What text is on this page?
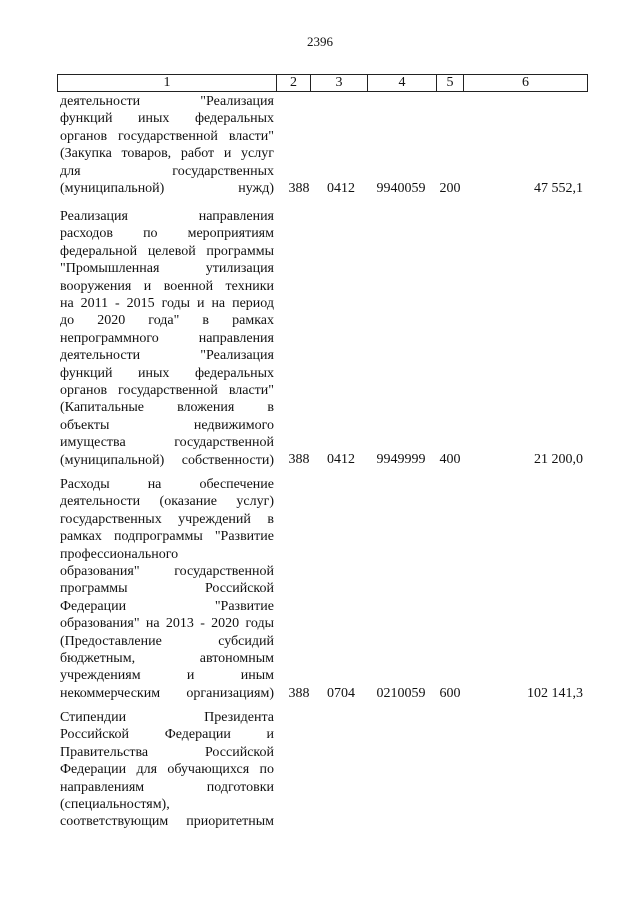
2396
1	2	3	4	5	6
деятельности "Реализация
функций иных федеральных
органов государственной власти"
(Закупка товаров, работ и услуг
для государственных
(муниципальной) нужд) 388	0412	9940059	200	47 552,1
Реализация направления
расходов по мероприятиям
федеральной целевой программы
"Промышленная утилизация
вооружения и военной техники
на 2011 - 2015 годы и на период
до 2020 года" в рамках
непрограммного направления
деятельности "Реализация
функций иных федеральных
органов государственной власти"
(Капитальные вложения в
объекты недвижимого
имущества государственной
(муниципальной) собственности) 388	0412	9949999	400	21 200,0
Расходы на обеспечение
деятельности (оказание услуг)
государственных учреждений в
рамках подпрограммы "Развитие
профессионального
образования" государственной
программы Российской
Федерации "Развитие
образования" на 2013 - 2020 годы
(Предоставление субсидий
бюджетным, автономным
учреждениям и иным
некоммерческим организациям) 388	0704	0210059	600	102 141,3
Стипендии Президента
Российской Федерации и
Правительства Российской
Федерации для обучающихся по
направлениям подготовки
(специальностям),
соответствующим приоритетным
